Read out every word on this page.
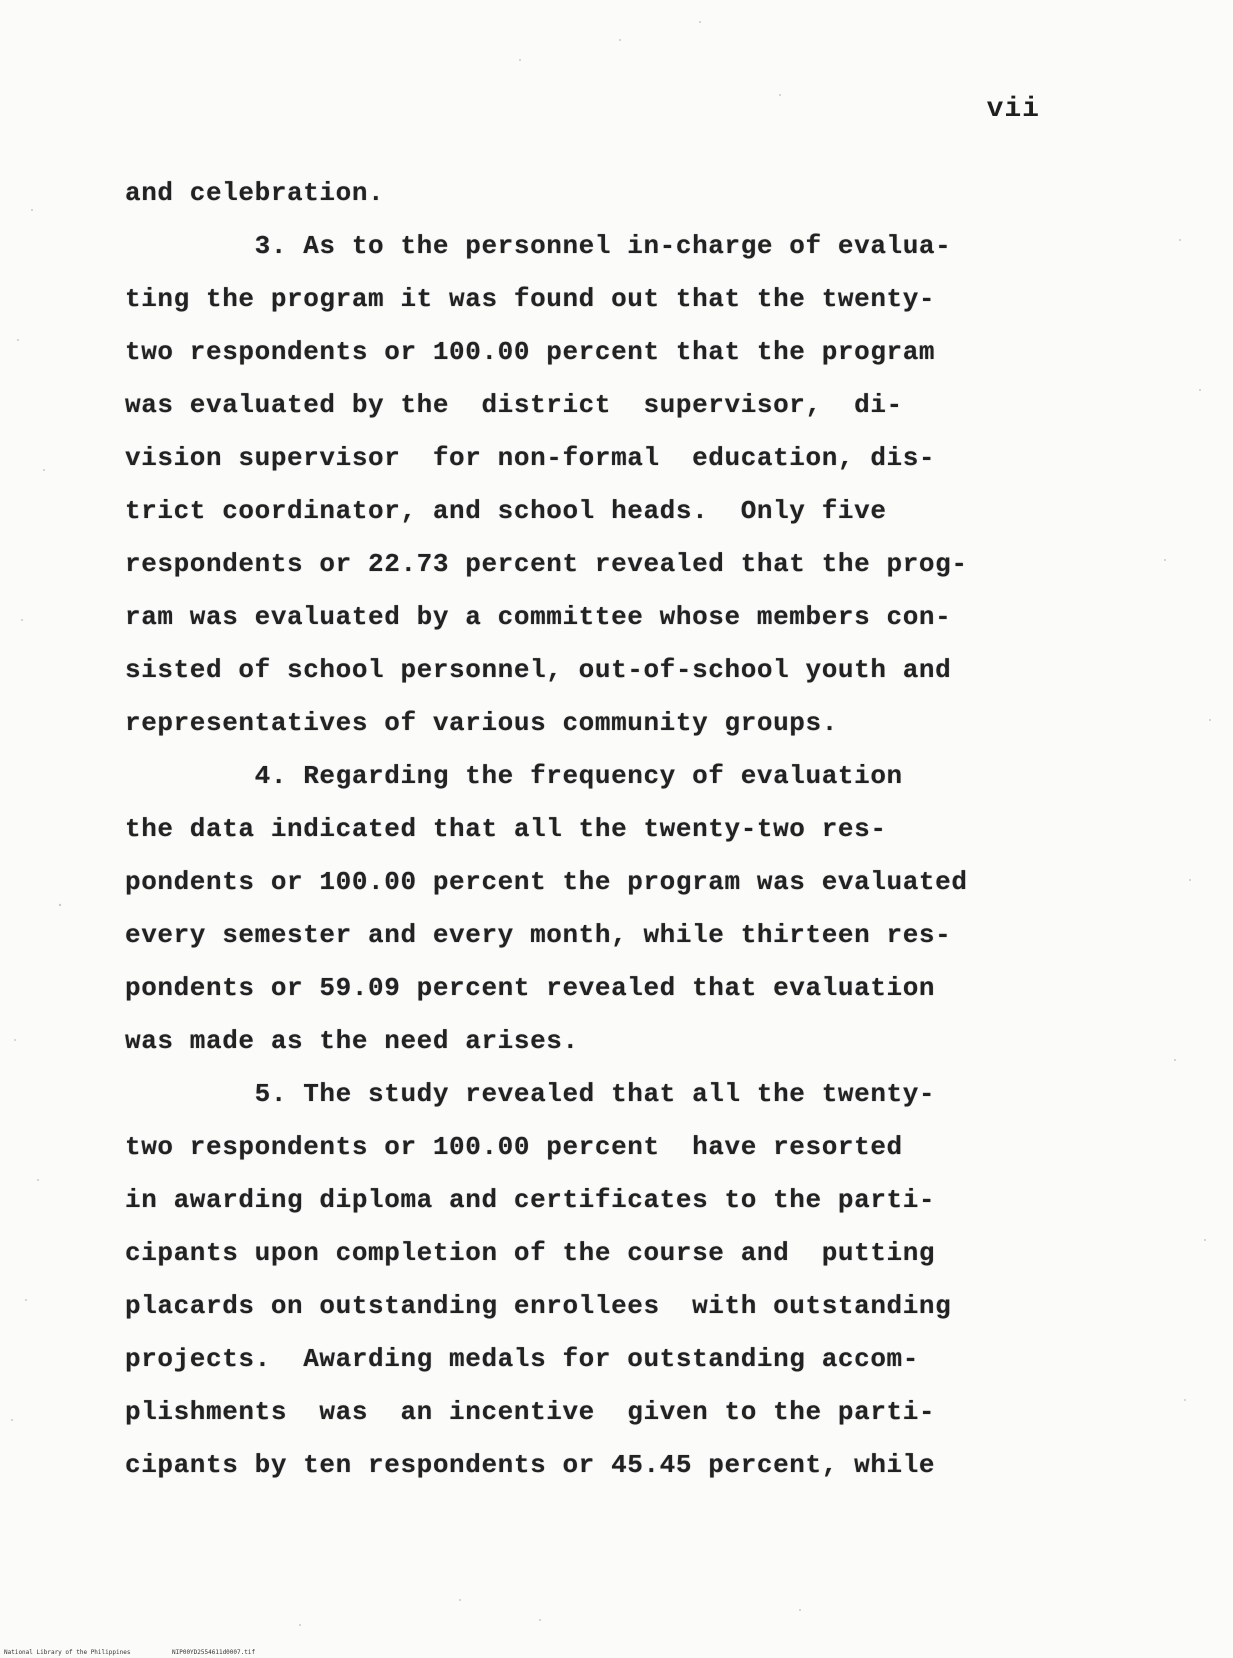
vii
and celebration.
3. As to the personnel in-charge of evalua-
ting the program it was found out that the twenty-
two respondents or 100.00 percent that the program
was evaluated by the  district  supervisor,  di-
vision supervisor  for non-formal  education, dis-
trict coordinator, and school heads.  Only five
respondents or 22.73 percent revealed that the prog-
ram was evaluated by a committee whose members con-
sisted of school personnel, out-of-school youth and
representatives of various community groups.
4. Regarding the frequency of evaluation
the data indicated that all the twenty-two res-
pondents or 100.00 percent the program was evaluated
every semester and every month, while thirteen res-
pondents or 59.09 percent revealed that evaluation
was made as the need arises.
5. The study revealed that all the twenty-
two respondents or 100.00 percent  have resorted
in awarding diploma and certificates to the parti-
cipants upon completion of the course and  putting
placards on outstanding enrollees  with outstanding
projects.  Awarding medals for outstanding accom-
plishments  was  an incentive  given to the parti-
cipants by ten respondents or 45.45 percent, while
National Library of the Philippines	NIP00YD2554611d0007.tif
